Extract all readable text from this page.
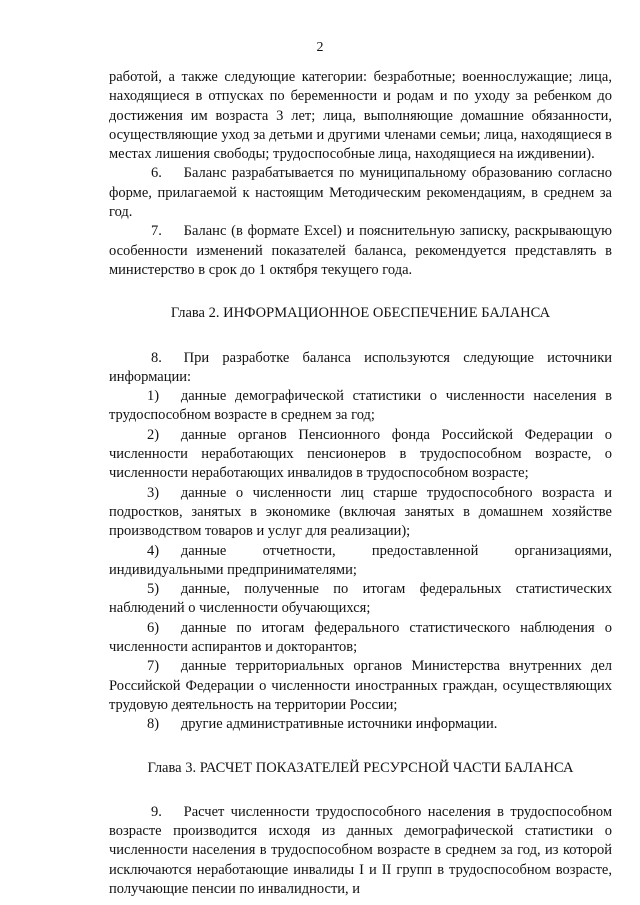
2

работой, а также следующие категории: безработные; военнослужащие; лица, находящиеся в отпусках по беременности и родам и по уходу за ребенком до достижения им возраста 3 лет; лица, выполняющие домашние обязанности, осуществляющие уход за детьми и другими членами семьи; лица, находящиеся в местах лишения свободы; трудоспособные лица, находящиеся на иждивении).

6.  Баланс разрабатывается по муниципальному образованию согласно форме, прилагаемой к настоящим Методическим рекомендациям, в среднем за год.

7.  Баланс (в формате Excel) и пояснительную записку, раскрывающую особенности изменений показателей баланса, рекомендуется представлять в министерство в срок до 1 октября текущего года.

Глава 2. ИНФОРМАЦИОННОЕ ОБЕСПЕЧЕНИЕ БАЛАНСА

8.  При разработке баланса используются следующие источники информации:

1)  данные демографической статистики о численности населения в трудоспособном возрасте в среднем за год;

2)  данные органов Пенсионного фонда Российской Федерации о численности неработающих пенсионеров в трудоспособном возрасте, о численности неработающих инвалидов в трудоспособном возрасте;

3)  данные о численности лиц старше трудоспособного возраста и подростков, занятых в экономике (включая занятых в домашнем хозяйстве производством товаров и услуг для реализации);

4)  данные отчетности, предоставленной организациями, индивидуальными предпринимателями;

5)  данные, полученные по итогам федеральных статистических наблюдений о численности обучающихся;

6)  данные по итогам федерального статистического наблюдения о численности аспирантов и докторантов;

7)  данные территориальных органов Министерства внутренних дел Российской Федерации о численности иностранных граждан, осуществляющих трудовую деятельность на территории России;

8)  другие административные источники информации.

Глава 3. РАСЧЕТ ПОКАЗАТЕЛЕЙ РЕСУРСНОЙ ЧАСТИ БАЛАНСА

9.  Расчет численности трудоспособного населения в трудоспособном возрасте производится исходя из данных демографической статистики о численности населения в трудоспособном возрасте в среднем за год, из которой исключаются неработающие инвалиды I и II групп в трудоспособном возрасте, получающие пенсии по инвалидности, и
